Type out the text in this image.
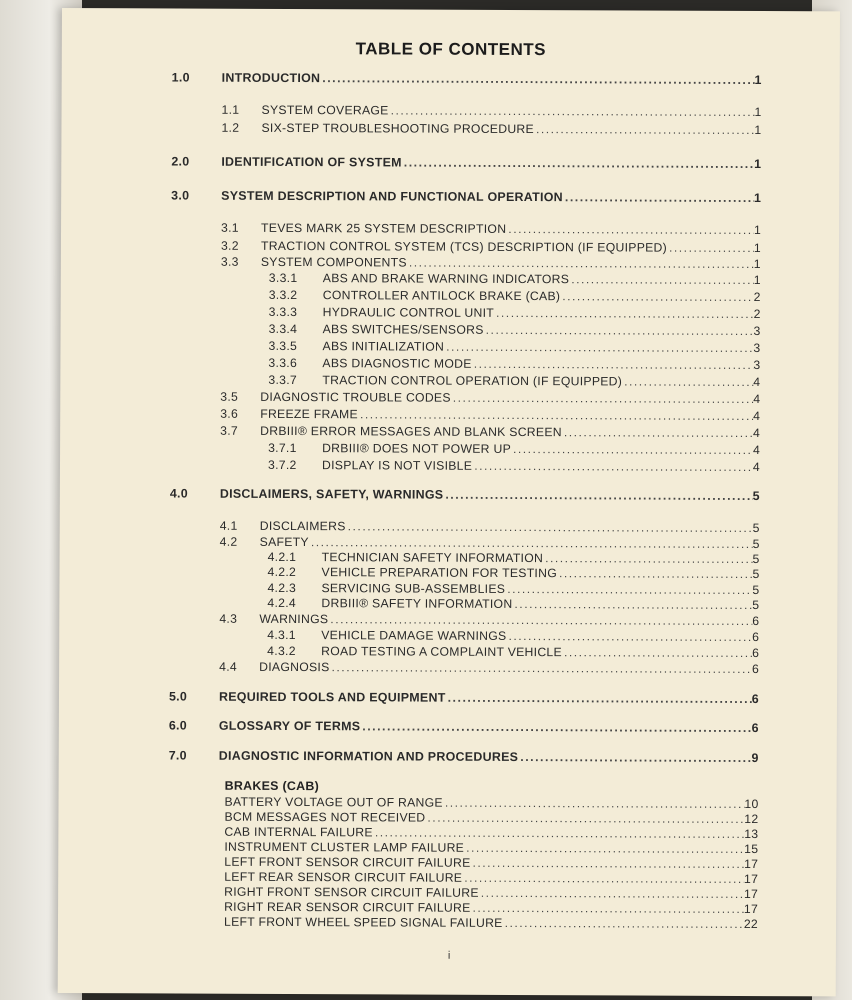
TABLE OF CONTENTS
1.0	INTRODUCTION .....	1
1.1	SYSTEM COVERAGE .....	1
1.2	SIX-STEP TROUBLESHOOTING PROCEDURE .....	1
2.0	IDENTIFICATION OF SYSTEM .....	1
3.0	SYSTEM DESCRIPTION AND FUNCTIONAL OPERATION .....	1
3.1	TEVES MARK 25 SYSTEM DESCRIPTION .....	1
3.2	TRACTION CONTROL SYSTEM (TCS) DESCRIPTION (IF EQUIPPED) .....	1
3.3	SYSTEM COMPONENTS .....	1
3.3.1	ABS AND BRAKE WARNING INDICATORS .....	1
3.3.2	CONTROLLER ANTILOCK BRAKE (CAB) .....	2
3.3.3	HYDRAULIC CONTROL UNIT .....	2
3.3.4	ABS SWITCHES/SENSORS .....	3
3.3.5	ABS INITIALIZATION .....	3
3.3.6	ABS DIAGNOSTIC MODE .....	3
3.3.7	TRACTION CONTROL OPERATION (IF EQUIPPED) .....	4
3.5	DIAGNOSTIC TROUBLE CODES .....	4
3.6	FREEZE FRAME .....	4
3.7	DRBIII® ERROR MESSAGES AND BLANK SCREEN .....	4
3.7.1	DRBIII® DOES NOT POWER UP .....	4
3.7.2	DISPLAY IS NOT VISIBLE .....	4
4.0	DISCLAIMERS, SAFETY, WARNINGS .....	5
4.1	DISCLAIMERS .....	5
4.2	SAFETY .....	5
4.2.1	TECHNICIAN SAFETY INFORMATION .....	5
4.2.2	VEHICLE PREPARATION FOR TESTING .....	5
4.2.3	SERVICING SUB-ASSEMBLIES .....	5
4.2.4	DRBIII® SAFETY INFORMATION .....	5
4.3	WARNINGS .....	6
4.3.1	VEHICLE DAMAGE WARNINGS .....	6
4.3.2	ROAD TESTING A COMPLAINT VEHICLE .....	6
4.4	DIAGNOSIS .....	6
5.0	REQUIRED TOOLS AND EQUIPMENT .....	6
6.0	GLOSSARY OF TERMS .....	6
7.0	DIAGNOSTIC INFORMATION AND PROCEDURES .....	9
BRAKES (CAB)
BATTERY VOLTAGE OUT OF RANGE .....	10
BCM MESSAGES NOT RECEIVED .....	12
CAB INTERNAL FAILURE .....	13
INSTRUMENT CLUSTER LAMP FAILURE .....	15
LEFT FRONT SENSOR CIRCUIT FAILURE .....	17
LEFT REAR SENSOR CIRCUIT FAILURE .....	17
RIGHT FRONT SENSOR CIRCUIT FAILURE .....	17
RIGHT REAR SENSOR CIRCUIT FAILURE .....	17
LEFT FRONT WHEEL SPEED SIGNAL FAILURE .....	22
i
